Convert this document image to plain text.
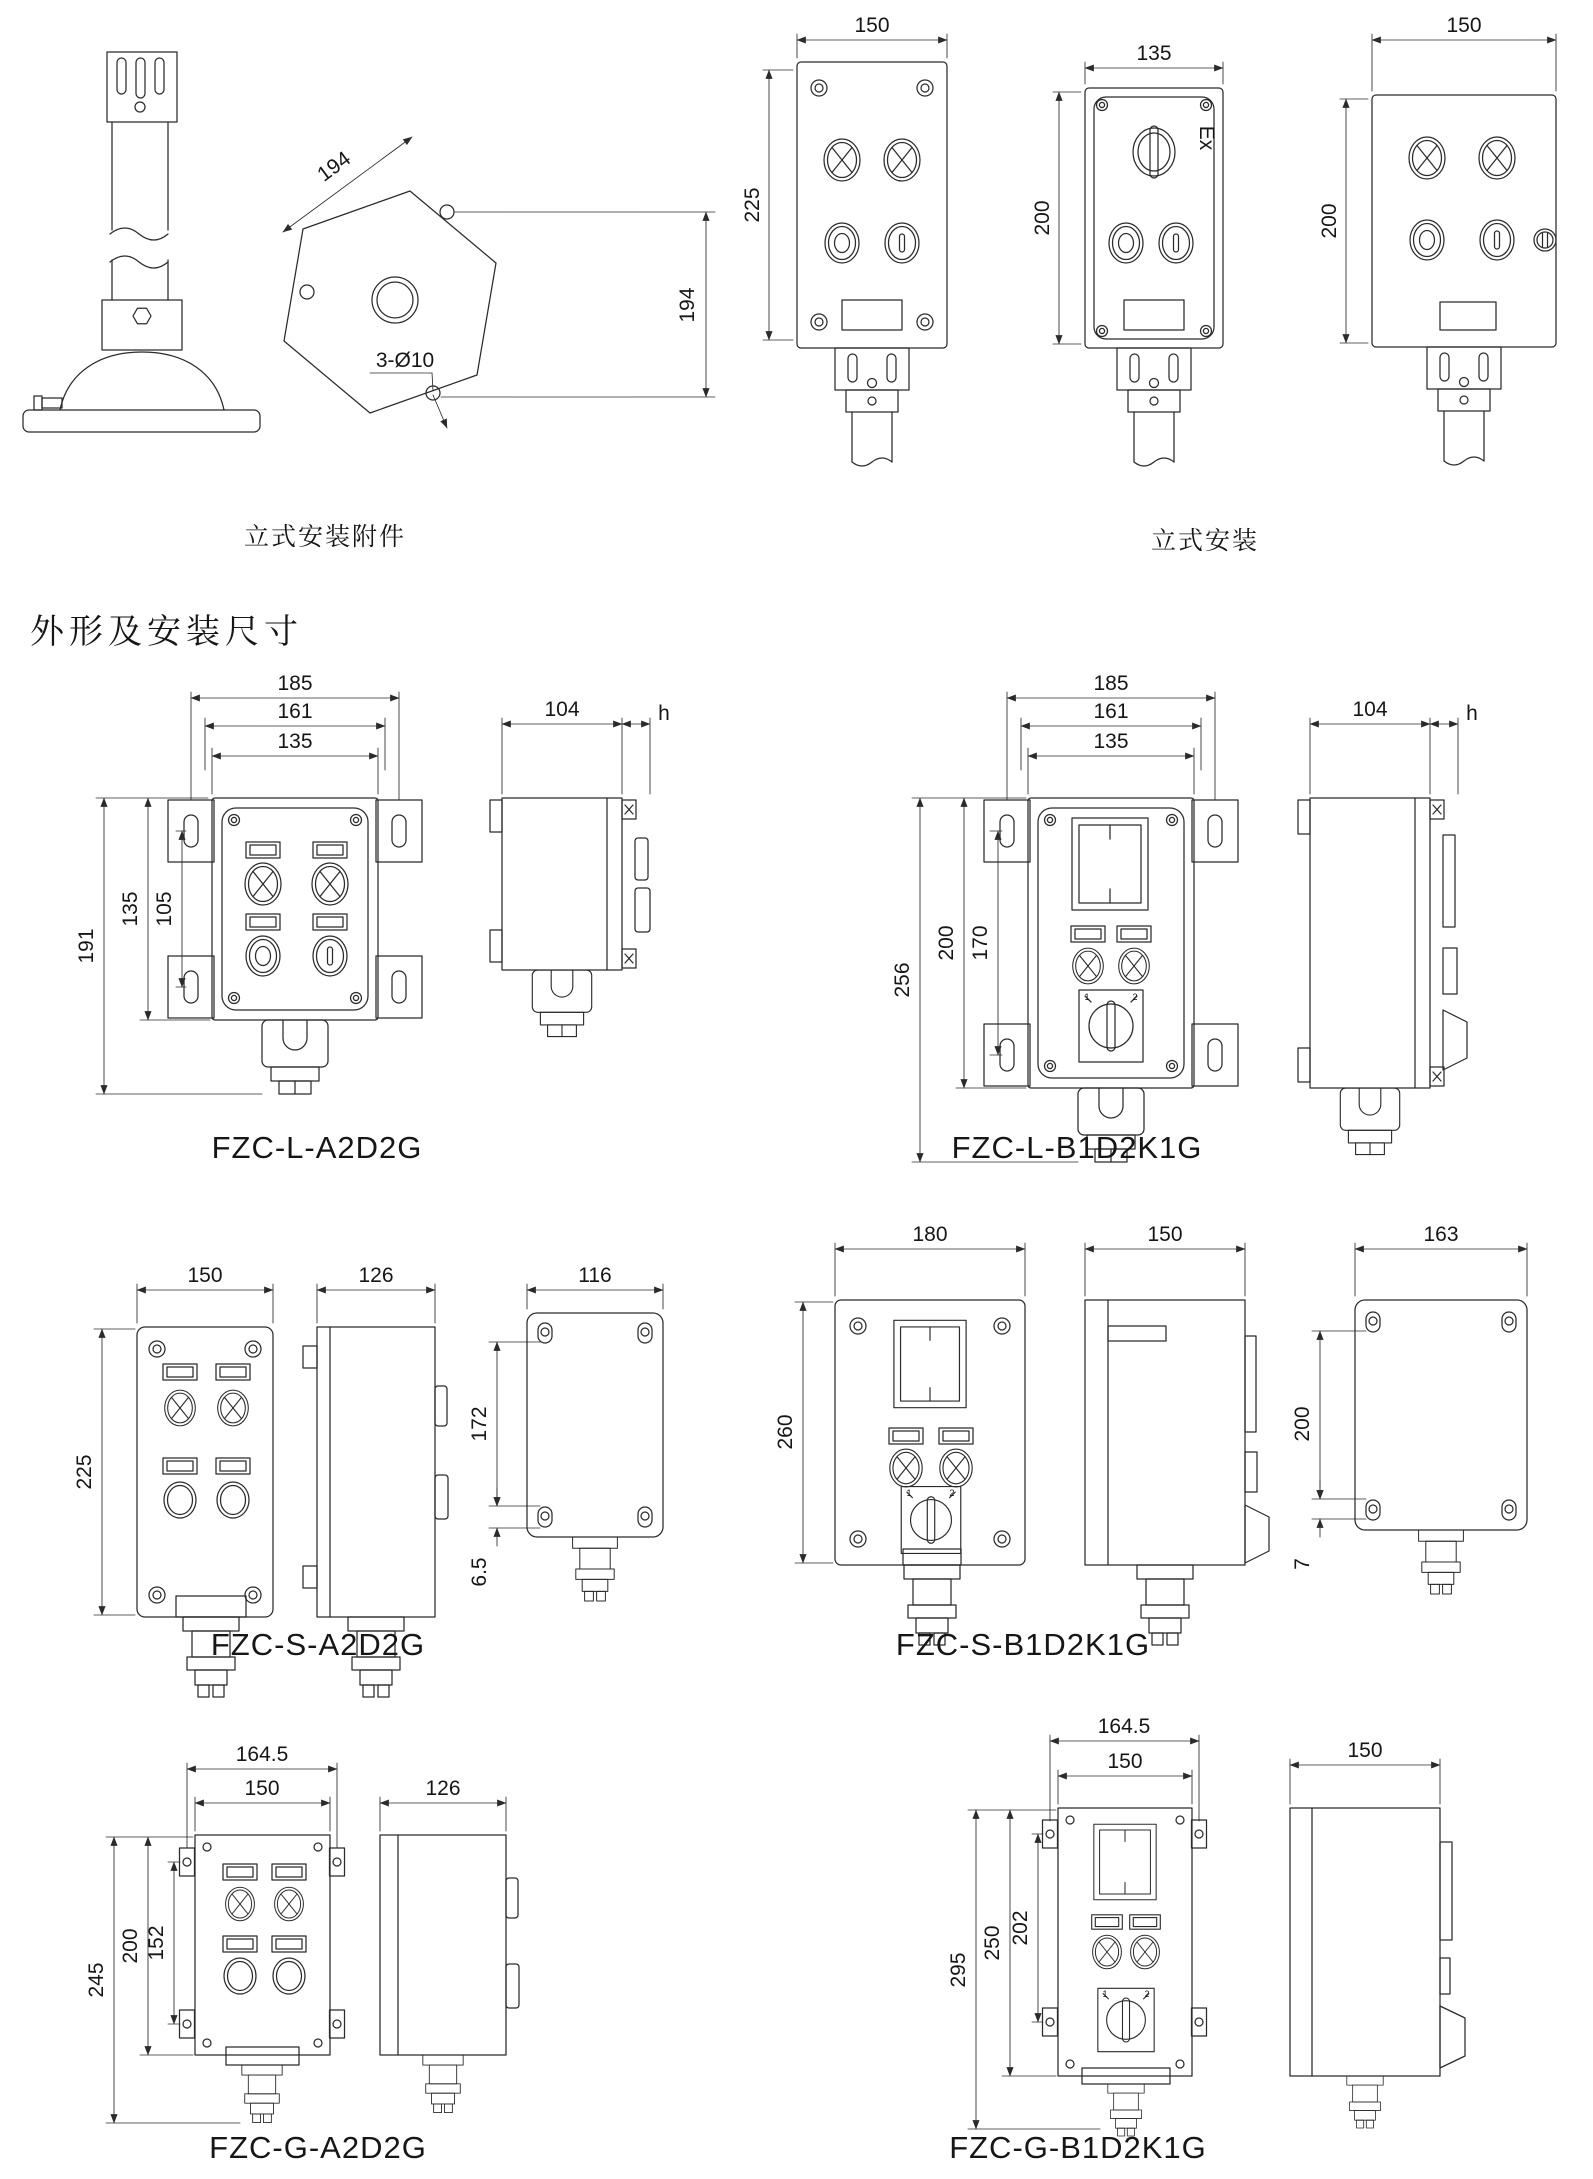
194
3-Ø10
194
立式安装附件
150
225
Ex
135
200
150
200
立式安装
外形及安装尺寸
185
161
135
191
135 105
104	h
FZC-L-A2D2G
1	2
185
161
135
256
200 170
104	h
FZC-L-B1D2K1G
150
225
126	116
172
6.5
FZC-S-A2D2G
1	2
180
260
150	163
200
7
FZC-S-B1D2K1G
164.5
150
245
200 152
126
FZC-G-A2D2G
1	2
164.5
150
295
250 202
150
FZC-G-B1D2K1G
